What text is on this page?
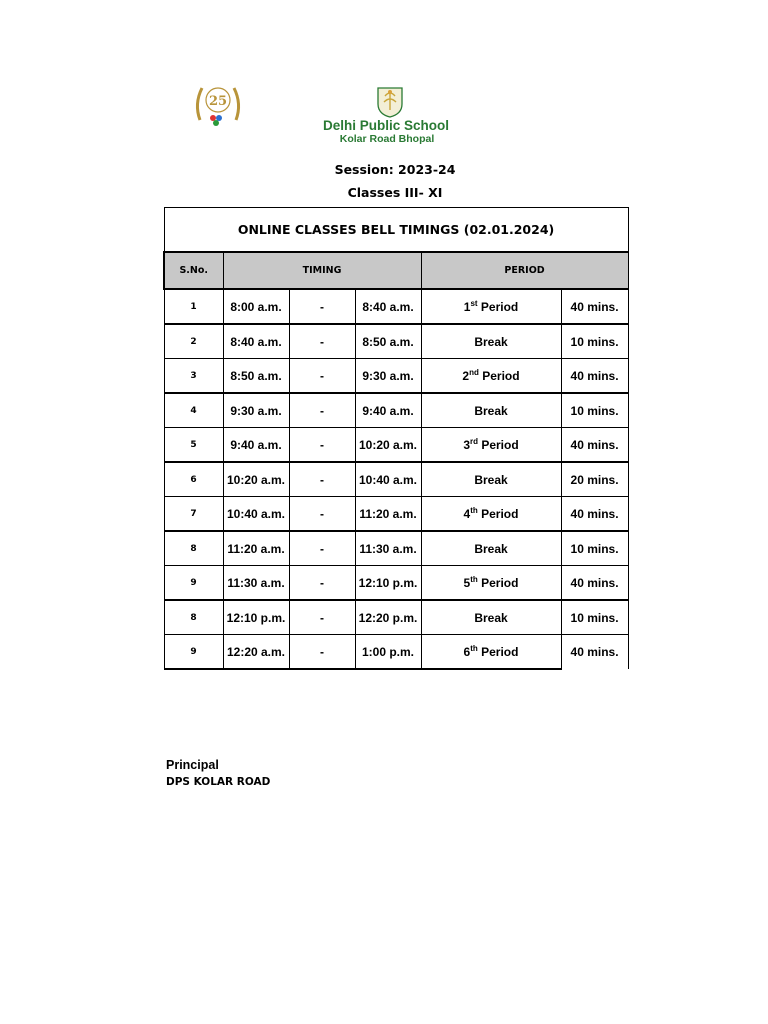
25
Delhi Public School
Kolar Road Bhopal
Session: 2023-24
Classes III- XI
ONLINE CLASSES BELL TIMINGS (02.01.2024)					
S.No.	TIMING			PERIOD	
1	8:00 a.m.	-	8:40 a.m.	1st Period	40 mins.
2	8:40 a.m.	-	8:50 a.m.	Break	10 mins.
3	8:50 a.m.	-	9:30 a.m.	2nd Period	40 mins.
4	9:30 a.m.	-	9:40 a.m.	Break	10 mins.
5	9:40 a.m.	-	10:20 a.m.	3rd Period	40 mins.
6	10:20 a.m.	-	10:40 a.m.	Break	20 mins.
7	10:40 a.m.	-	11:20 a.m.	4th Period	40 mins.
8	11:20 a.m.	-	11:30 a.m.	Break	10 mins.
9	11:30 a.m.	-	12:10 p.m.	5th Period	40 mins.
8	12:10 p.m.	-	12:20 p.m.	Break	10 mins.
9	12:20 a.m.	-	1:00 p.m.	6th Period	40 mins.
Principal
DPS KOLAR ROAD
